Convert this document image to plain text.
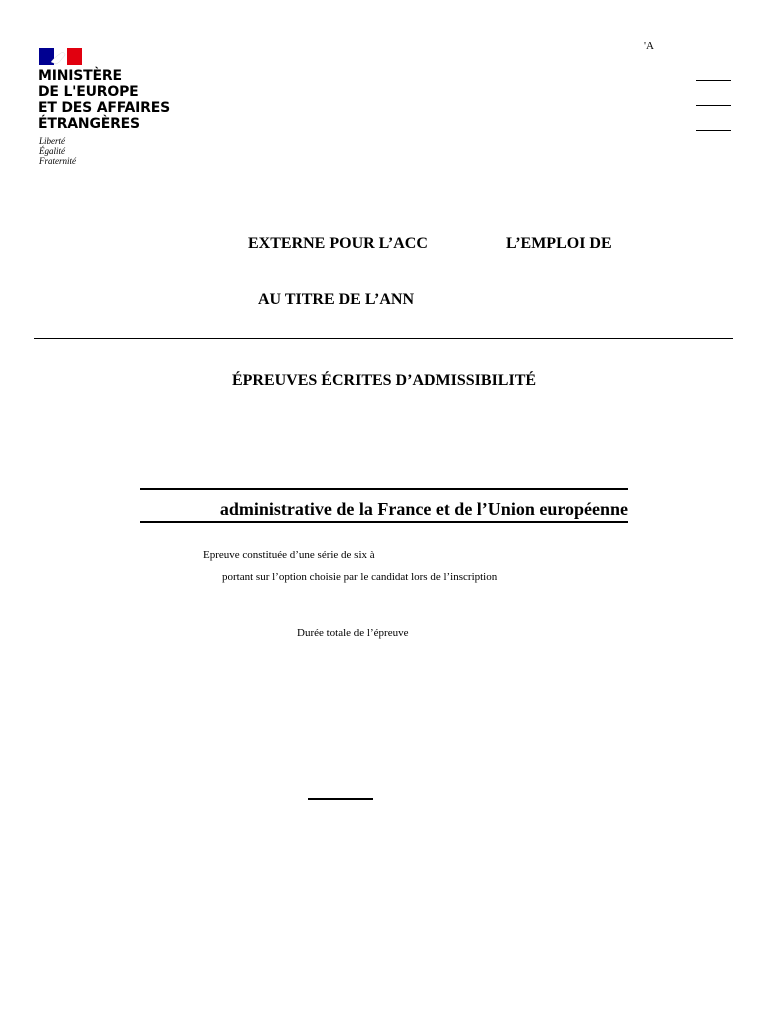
MINISTÈRE
DE L'EUROPE
ET DES AFFAIRES
ÉTRANGÈRES
Liberté
Égalité
Fraternité
'A
EXTERNE POUR L’ACC	L’EMPLOI DE
AU TITRE DE L’ANN
ÉPREUVES ÉCRITES D’ADMISSIBILITÉ
administrative de la France et de l’Union européenne
Epreuve constituée d’une série de six à
portant sur l’option choisie par le candidat lors de l’inscription
Durée totale de l’épreuve
